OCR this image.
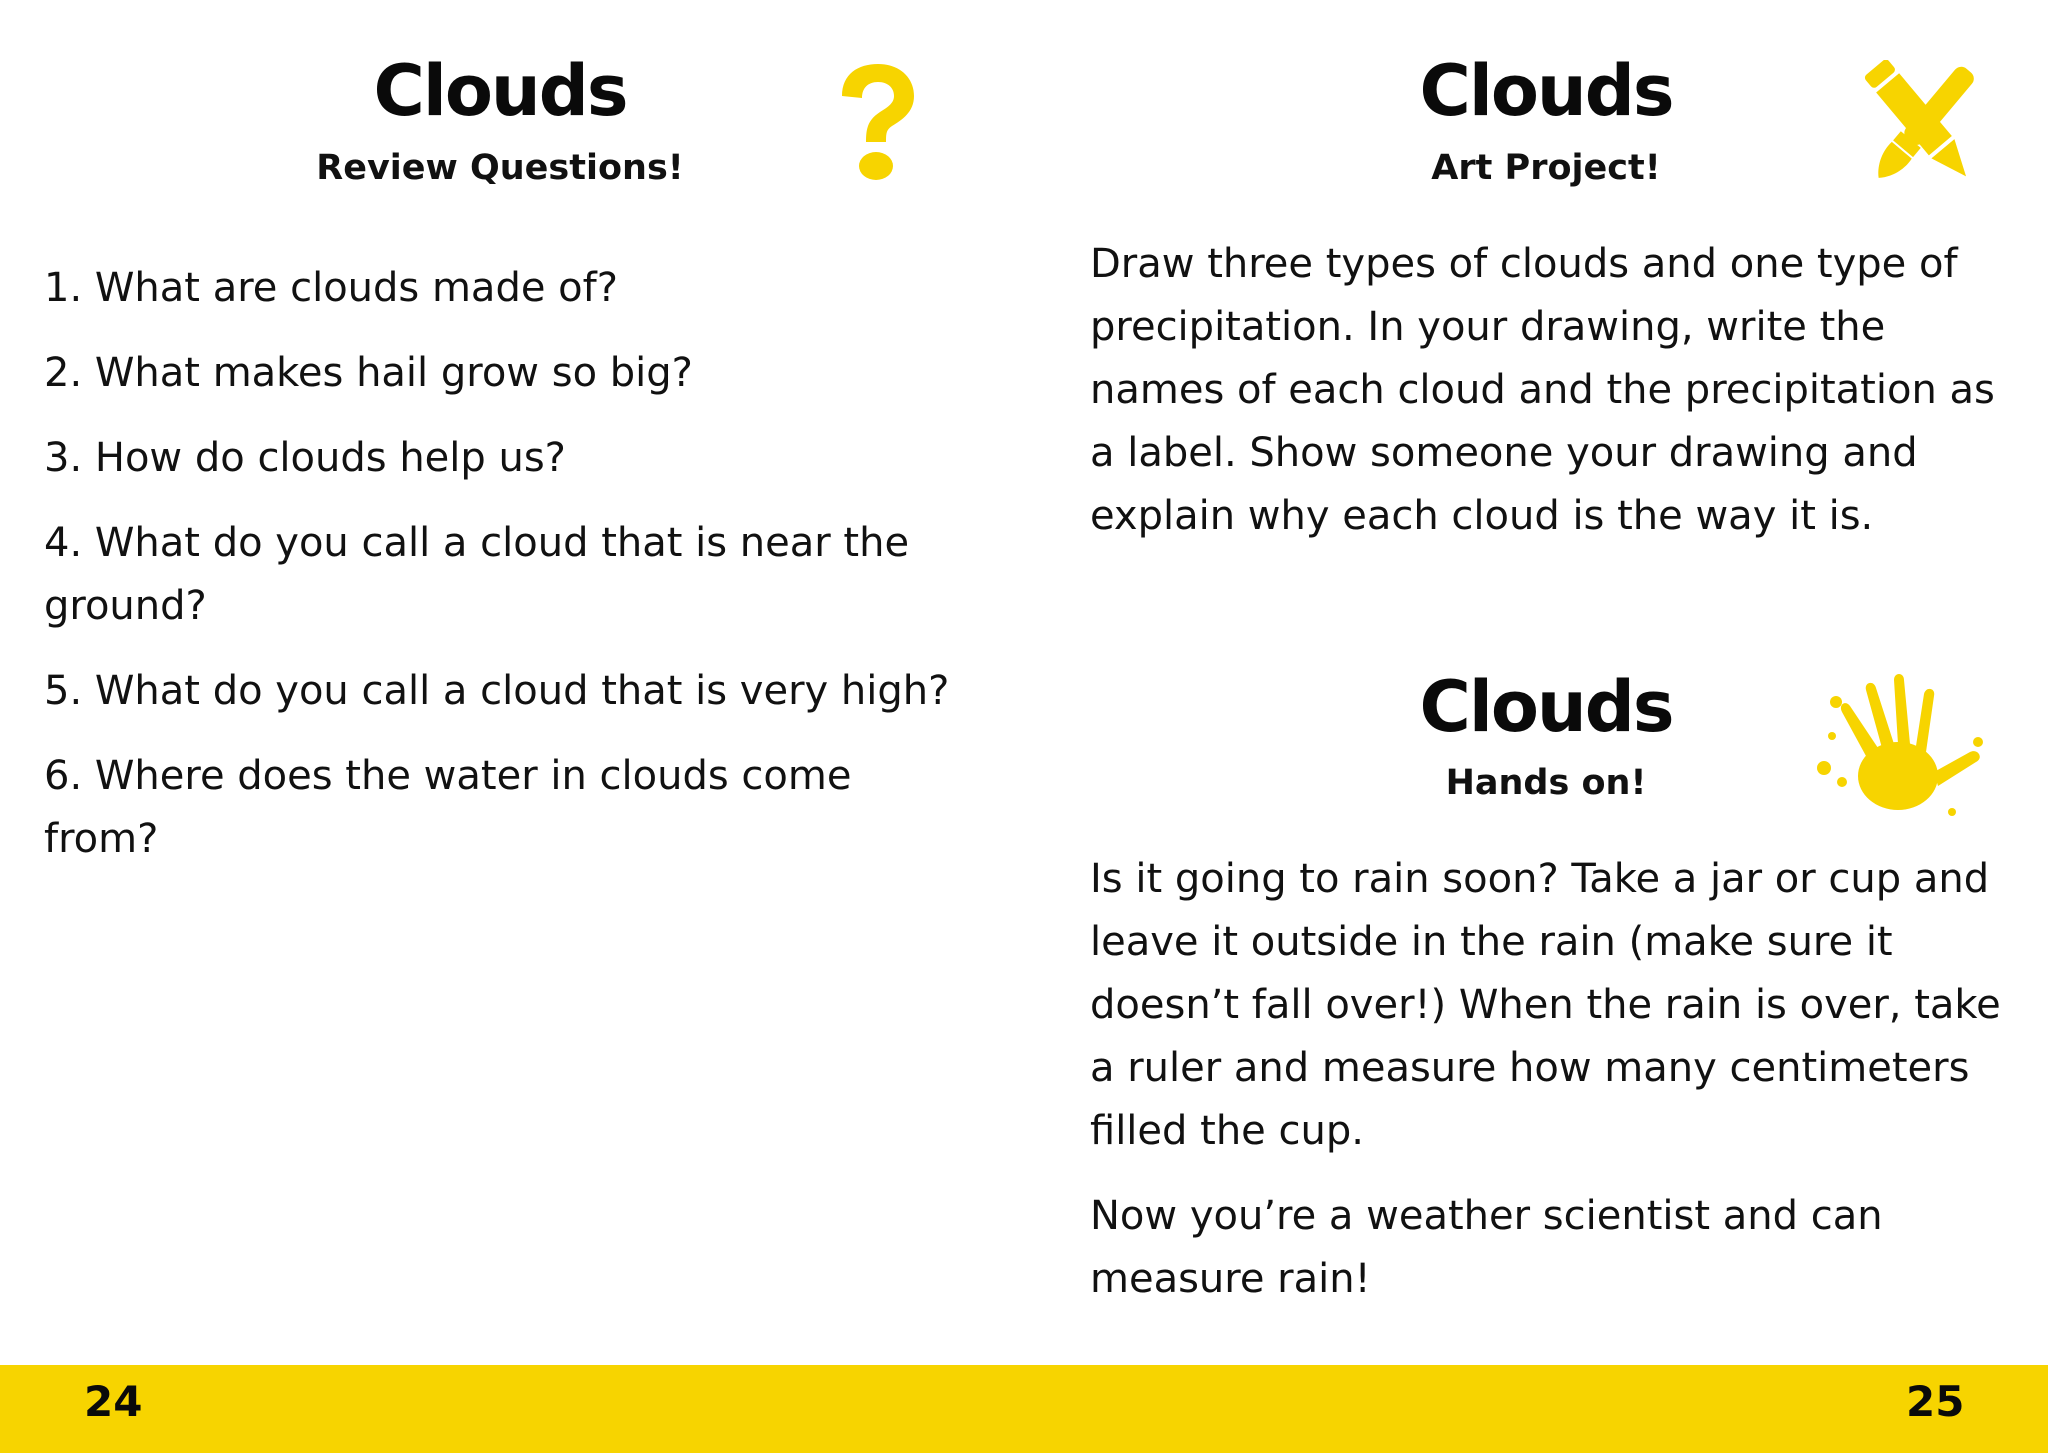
Clouds
Review Questions!
1. What are clouds made of?
2. What makes hail grow so big?
3. How do clouds help us?
4. What do you call a cloud that is near the ground?
5. What do you call a cloud that is very high?
6. Where does the water in clouds come from?
Clouds
Art Project!
Draw three types of clouds and one type of precipitation. In your drawing, write the names of each cloud and the precipitation as a label. Show someone your drawing and explain why each cloud is the way it is.
Clouds
Hands on!

Is it going to rain soon? Take a jar or cup and leave it outside in the rain (make sure it doesn’t fall over!) When the rain is over, take a ruler and measure how many centimeters filled the cup.

Now you’re a weather scientist and can measure rain!

24	25
